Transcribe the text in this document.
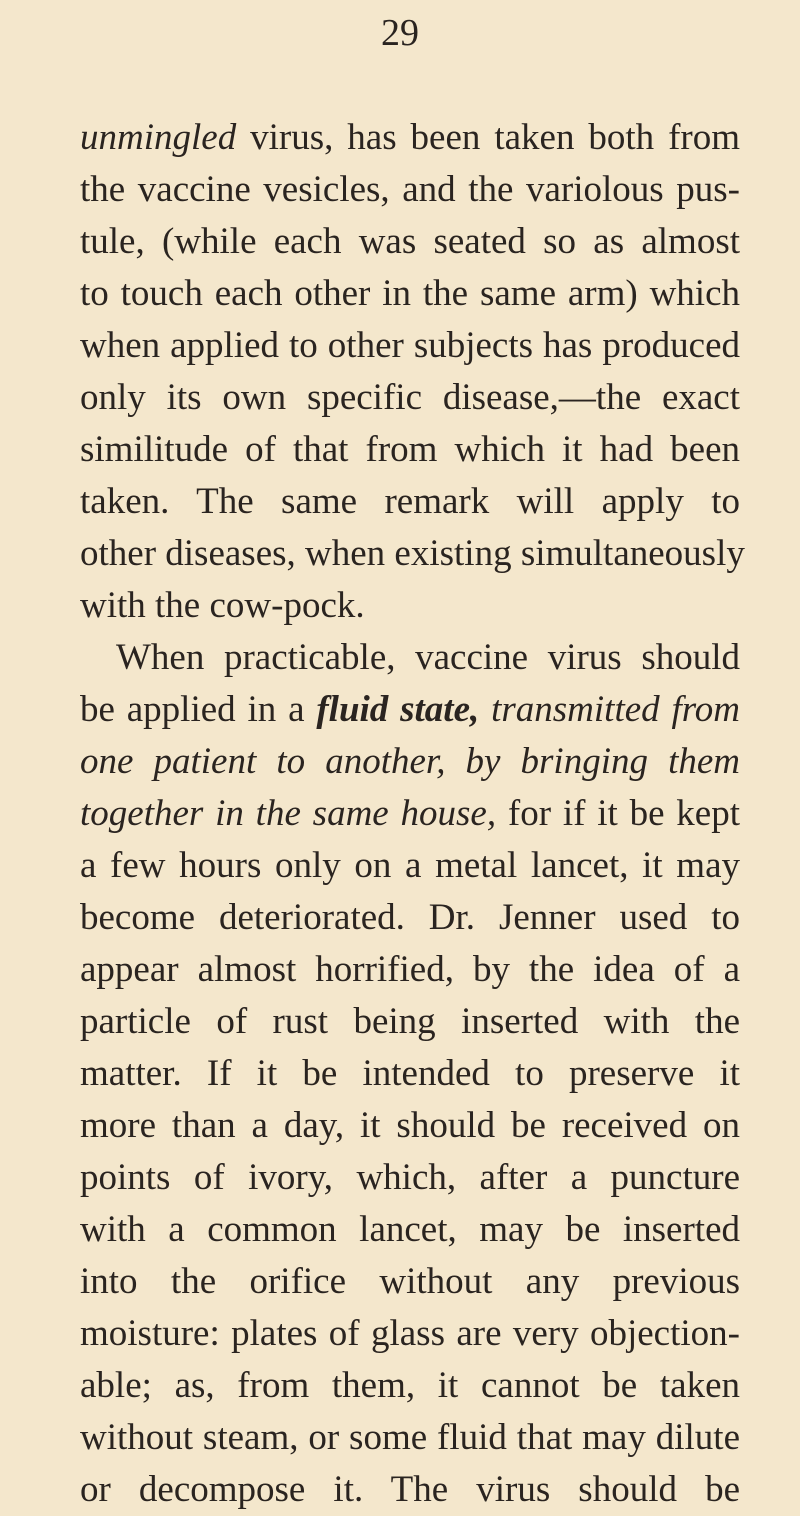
29
unmingled virus, has been taken both from
the vaccine vesicles, and the variolous pus-
tule, (while each was seated so as almost
to touch each other in the same arm) which
when applied to other subjects has produced
only its own specific disease,—the exact
similitude of that from which it had been
taken. The same remark will apply to
other diseases, when existing simultaneously
with the cow-pock.
When practicable, vaccine virus should
be applied in a fluid state, transmitted from
one patient to another, by bringing them
together in the same house, for if it be kept
a few hours only on a metal lancet, it may
become deteriorated. Dr. Jenner used to
appear almost horrified, by the idea of a
particle of rust being inserted with the
matter. If it be intended to preserve it
more than a day, it should be received on
points of ivory, which, after a puncture
with a common lancet, may be inserted
into the orifice without any previous
moisture: plates of glass are very objection-
able; as, from them, it cannot be taken
without steam, or some fluid that may dilute
or decompose it. The virus should be
